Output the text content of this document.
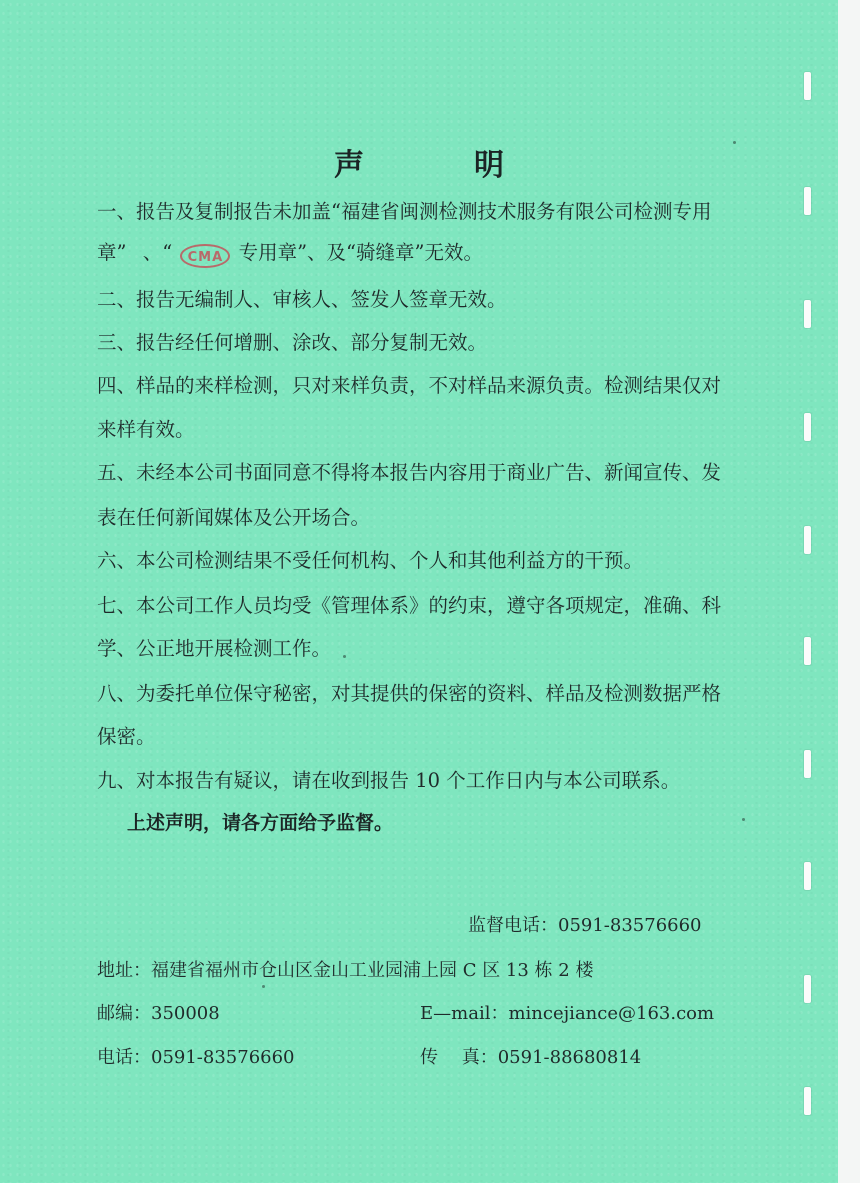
声　明
一、报告及复制报告未加盖“福建省闽测检测技术服务有限公司检测专用
章” 、“ CMA 专用章”、及“骑缝章”无效。
二、报告无编制人、审核人、签发人签章无效。
三、报告经任何增删、涂改、部分复制无效。
四、样品的来样检测，只对来样负责，不对样品来源负责。检测结果仅对
来样有效。
五、未经本公司书面同意不得将本报告内容用于商业广告、新闻宣传、发
表在任何新闻媒体及公开场合。
六、本公司检测结果不受任何机构、个人和其他利益方的干预。
七、本公司工作人员均受《管理体系》的约束，遵守各项规定，准确、科
学、公正地开展检测工作。
八、为委托单位保守秘密，对其提供的保密的资料、样品及检测数据严格
保密。
九、对本报告有疑议，请在收到报告 10 个工作日内与本公司联系。
上述声明，请各方面给予监督。
监督电话：0591-83576660
地址：福建省福州市仓山区金山工业园浦上园 C 区 13 栋 2 楼
邮编：350008	E—mail：mincejiance@163.com
电话：0591-83576660	传　 真：0591-88680814
